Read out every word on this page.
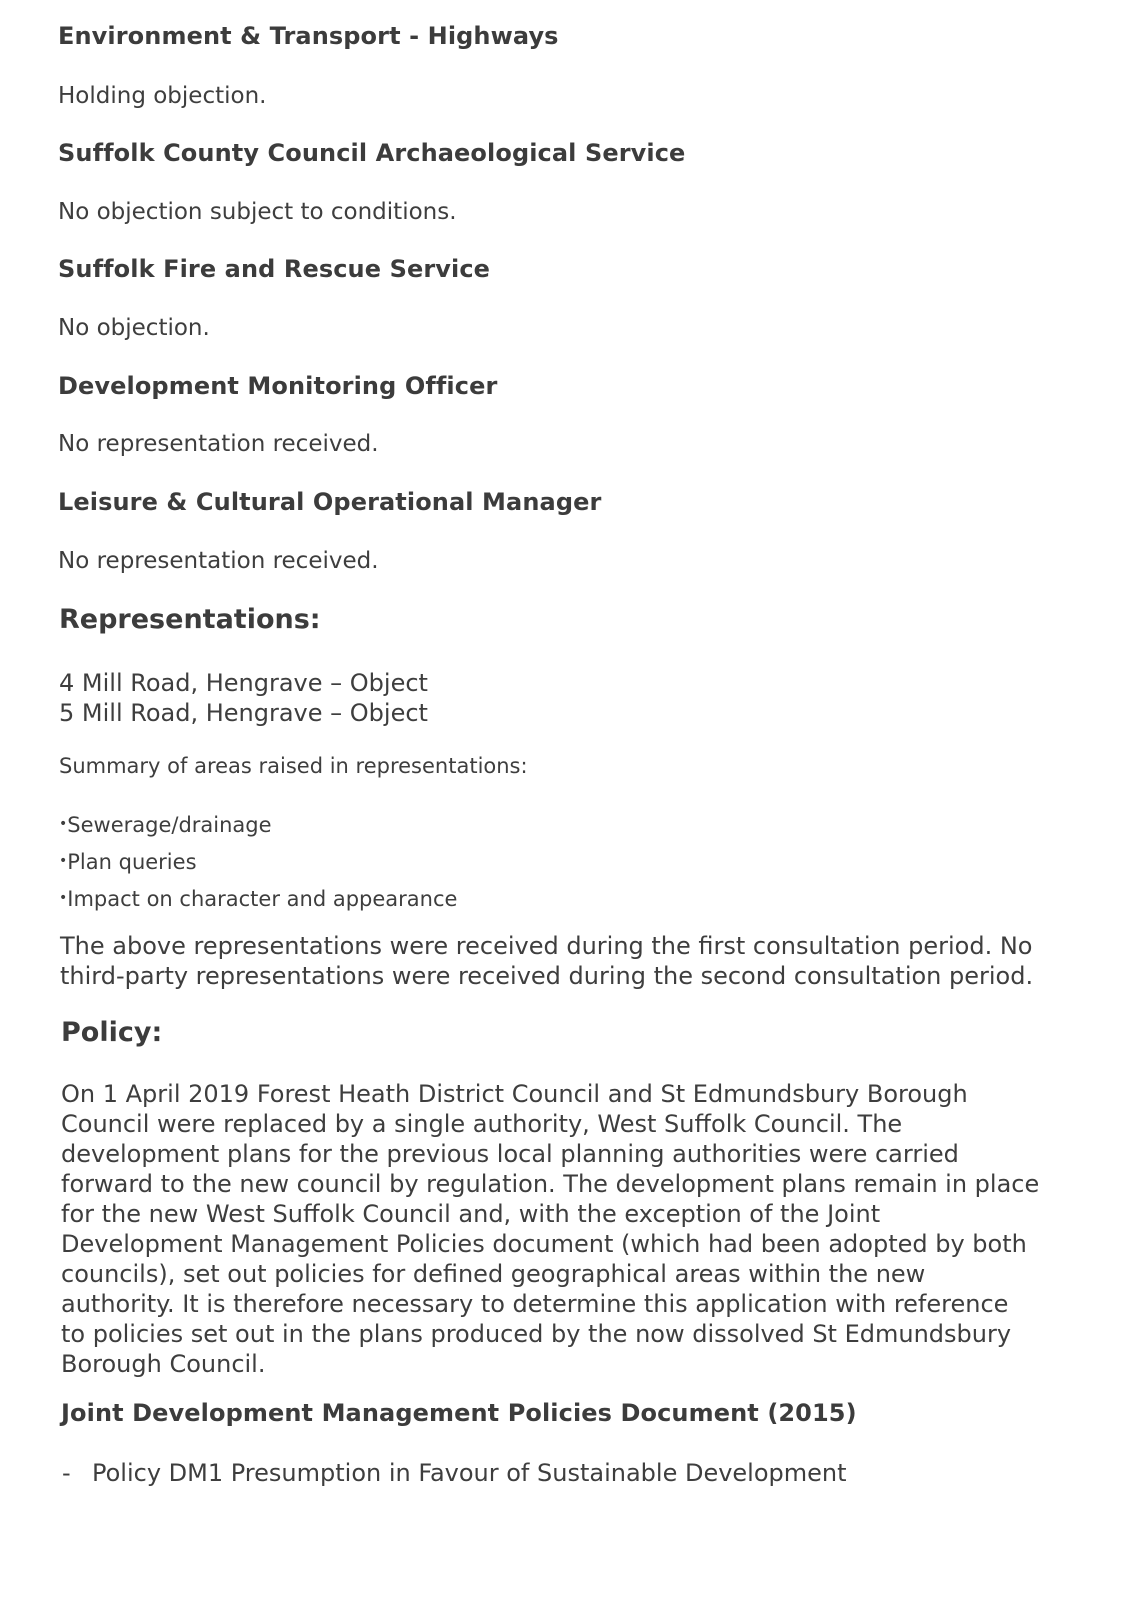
Environment & Transport - Highways
Holding objection.
Suffolk County Council Archaeological Service
No objection subject to conditions.
Suffolk Fire and Rescue Service
No objection.
Development Monitoring Officer
No representation received.
Leisure & Cultural Operational Manager
No representation received.
Representations:
4 Mill Road, Hengrave – Object
5 Mill Road, Hengrave – Object
Summary of areas raised in representations:
•Sewerage/drainage
•Plan queries
•Impact on character and appearance
The above representations were received during the first consultation period. No
third-party representations were received during the second consultation period.
Policy:
On 1 April 2019 Forest Heath District Council and St Edmundsbury Borough
Council were replaced by a single authority, West Suffolk Council. The
development plans for the previous local planning authorities were carried
forward to the new council by regulation. The development plans remain in place
for the new West Suffolk Council and, with the exception of the Joint
Development Management Policies document (which had been adopted by both
councils), set out policies for defined geographical areas within the new
authority. It is therefore necessary to determine this application with reference
to policies set out in the plans produced by the now dissolved St Edmundsbury
Borough Council.
Joint Development Management Policies Document (2015)
- Policy DM1 Presumption in Favour of Sustainable Development
